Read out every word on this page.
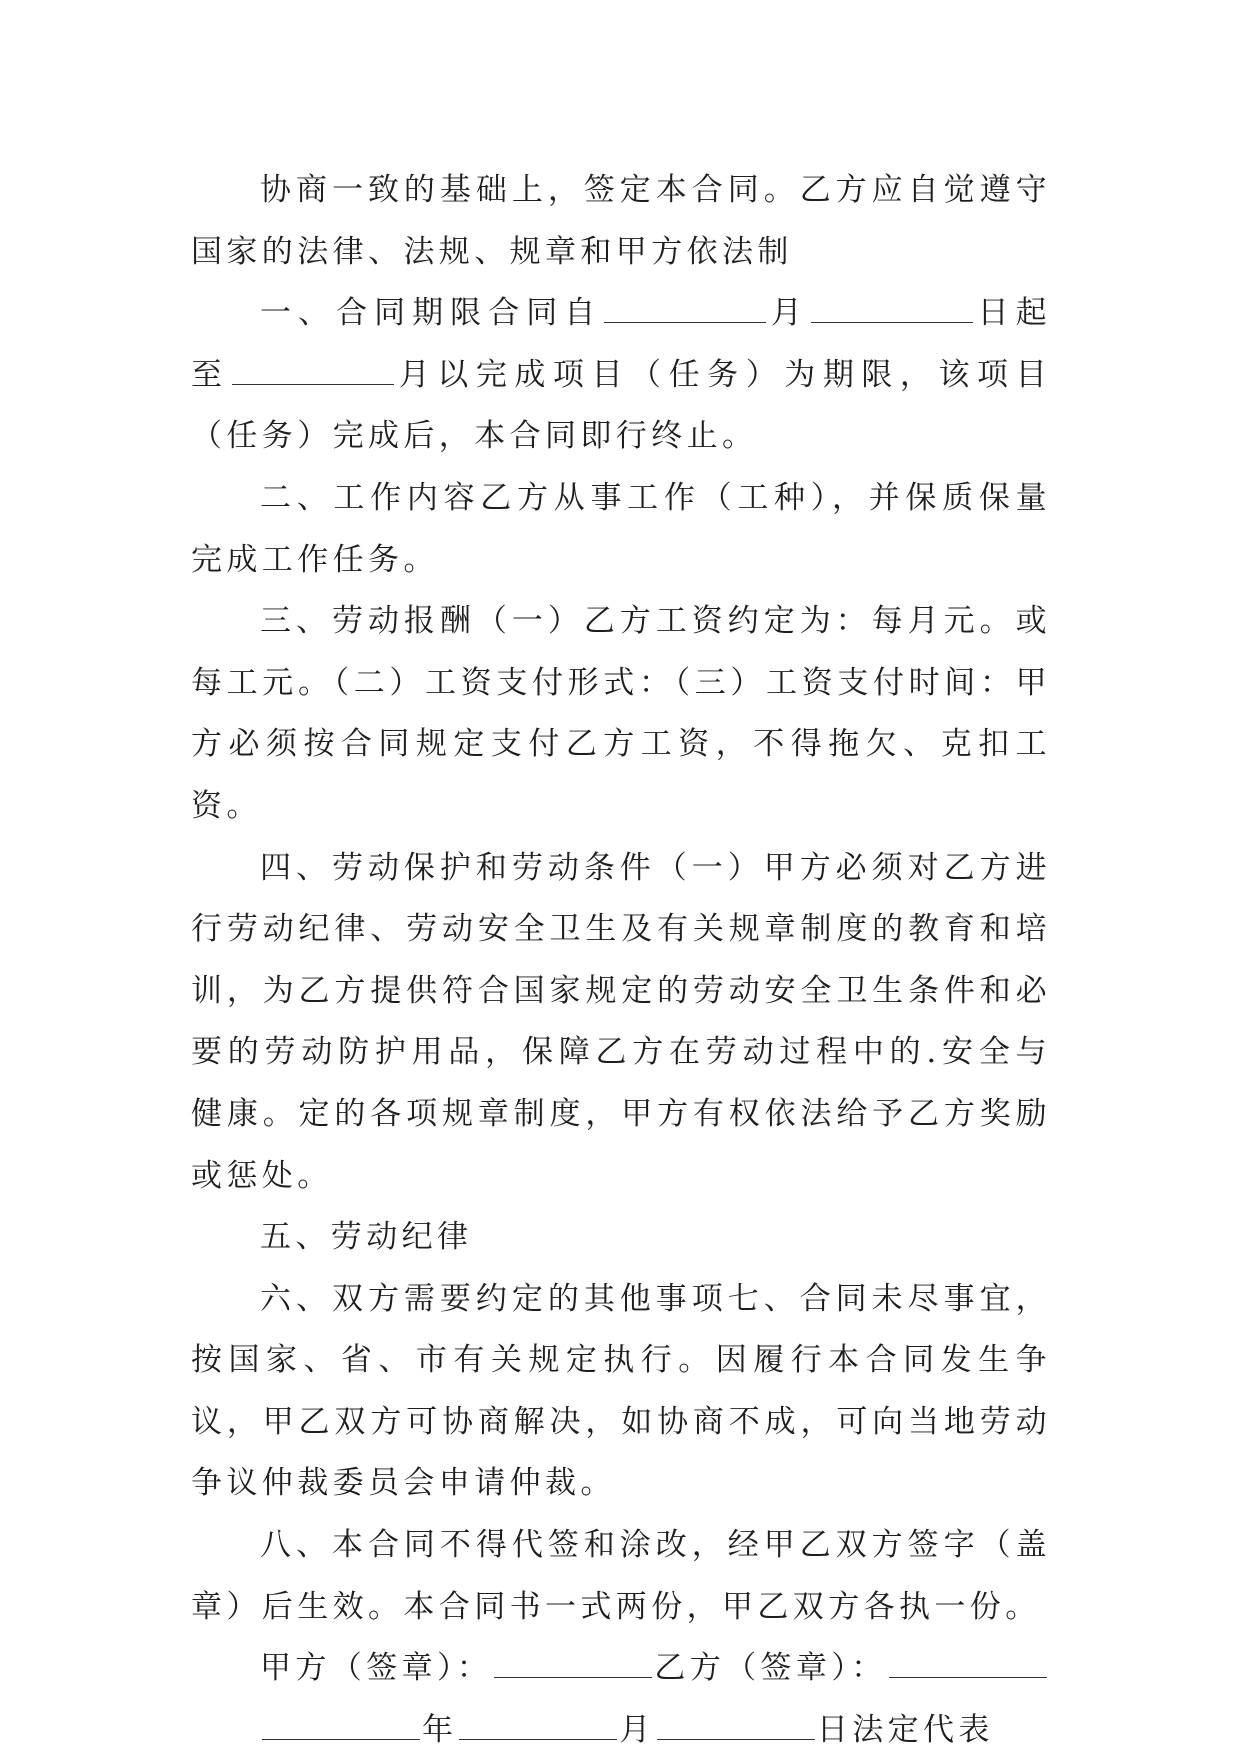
协商一致的基础上，签定本合同。乙方应自觉遵守国家的法律、法规、规章和甲方依法制

一、合同期限合同自	月	日起至	月以完成项目（任务）为期限，该项目（任务）完成后，本合同即行终止。

二、工作内容乙方从事工作（工种），并保质保量完成工作任务。

三、劳动报酬（一）乙方工资约定为：每月元。或每工元。（二）工资支付形式：（三）工资支付时间：甲方必须按合同规定支付乙方工资，不得拖欠、克扣工资。

四、劳动保护和劳动条件（一）甲方必须对乙方进行劳动纪律、劳动安全卫生及有关规章制度的教育和培训，为乙方提供符合国家规定的劳动安全卫生条件和必要的劳动防护用品，保障乙方在劳动过程中的.安全与健康。定的各项规章制度，甲方有权依法给予乙方奖励或惩处。

五、劳动纪律

六、双方需要约定的其他事项七、合同未尽事宜，按国家、省、市有关规定执行。因履行本合同发生争议，甲乙双方可协商解决，如协商不成，可向当地劳动争议仲裁委员会申请仲裁。

八、本合同不得代签和涂改，经甲乙双方签字（盖章）后生效。本合同书一式两份，甲乙双方各执一份。

甲方（签章）：	乙方（签章）：
年	月	日法定代表
